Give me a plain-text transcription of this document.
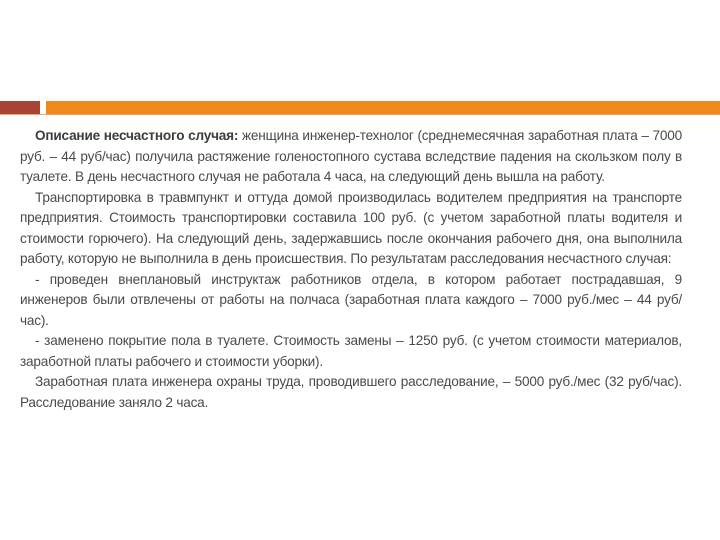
Описание несчастного случая: женщина инженер-технолог (среднемесячная заработная плата – 7000 руб. – 44 руб/час) получила растяжение голеностопного сустава вследствие падения на скользком полу в туалете. В день несчастного случая не работала 4 часа, на следующий день вышла на работу.

Транспортировка в травмпункт и оттуда домой производилась водителем предприятия на транспорте предприятия. Стоимость транспортировки составила 100 руб. (с учетом заработной платы водителя и стоимости горючего). На следующий день, задержавшись после окончания рабочего дня, она выполнила работу, которую не выполнила в день происшествия. По результатам расследования несчастного случая:

- проведен внеплановый инструктаж работников отдела, в котором работает пострадавшая, 9 инженеров были отвлечены от работы на полчаса (заработная плата каждого – 7000 руб./мес – 44 руб/час).

- заменено покрытие пола в туалете. Стоимость замены – 1250 руб. (с учетом стоимости материалов, заработной платы рабочего и стоимости уборки).

Заработная плата инженера охраны труда, проводившего расследование, – 5000 руб./мес (32 руб/час). Расследование заняло 2 часа.
